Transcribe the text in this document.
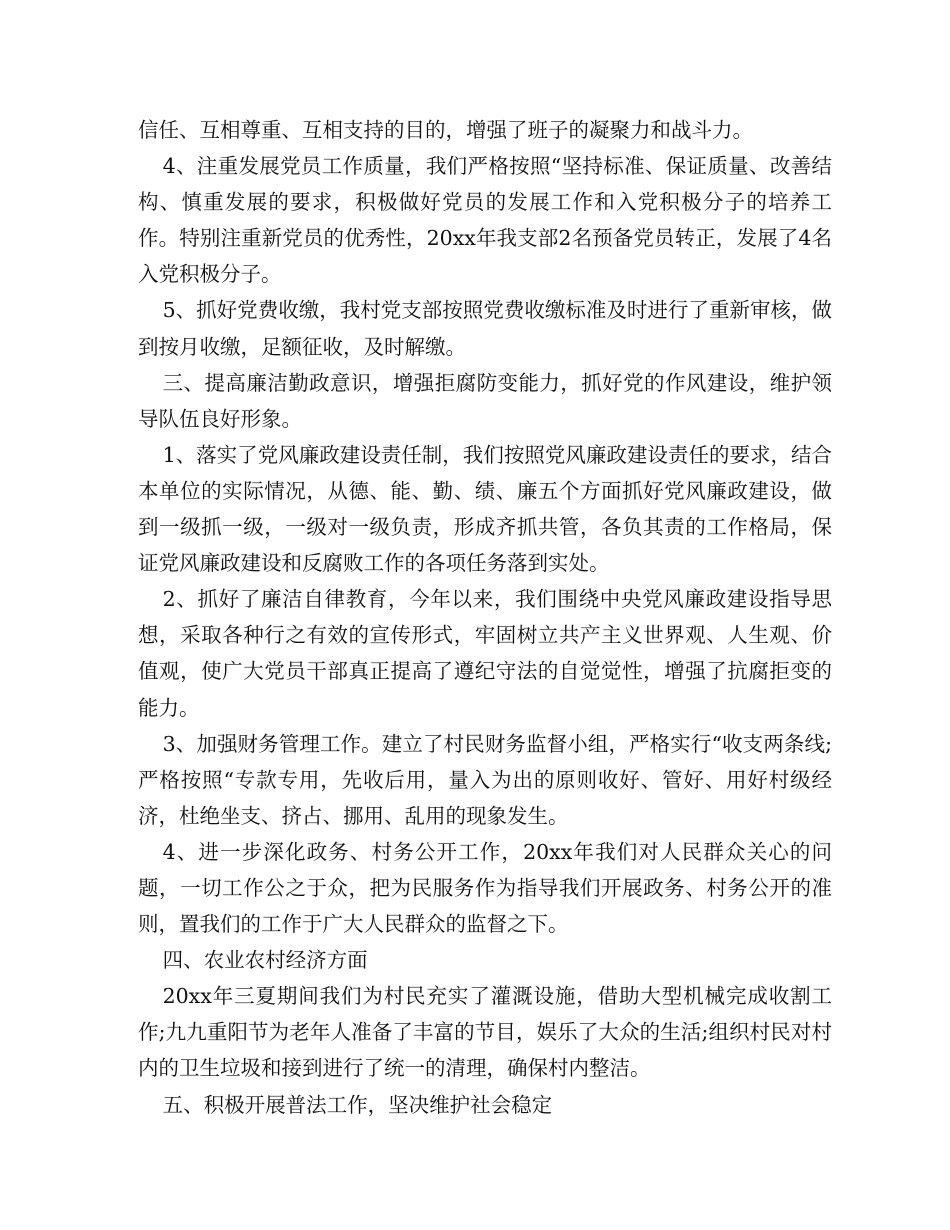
信任、互相尊重、互相支持的目的，增强了班子的凝聚力和战斗力。

4、注重发展党员工作质量，我们严格按照“坚持标准、保证质量、改善结构、慎重发展的要求，积极做好党员的发展工作和入党积极分子的培养工作。特别注重新党员的优秀性，20xx年我支部2名预备党员转正，发展了4名入党积极分子。

5、抓好党费收缴，我村党支部按照党费收缴标准及时进行了重新审核，做到按月收缴，足额征收，及时解缴。

三、提高廉洁勤政意识，增强拒腐防变能力，抓好党的作风建设，维护领导队伍良好形象。

1、落实了党风廉政建设责任制，我们按照党风廉政建设责任的要求，结合本单位的实际情况，从德、能、勤、绩、廉五个方面抓好党风廉政建设，做到一级抓一级，一级对一级负责，形成齐抓共管，各负其责的工作格局，保证党风廉政建设和反腐败工作的各项任务落到实处。

2、抓好了廉洁自律教育，今年以来，我们围绕中央党风廉政建设指导思想，采取各种行之有效的宣传形式，牢固树立共产主义世界观、人生观、价值观，使广大党员干部真正提高了遵纪守法的自觉觉性，增强了抗腐拒变的能力。

3、加强财务管理工作。建立了村民财务监督小组，严格实行“收支两条线;严格按照“专款专用，先收后用，量入为出的原则收好、管好、用好村级经济，杜绝坐支、挤占、挪用、乱用的现象发生。

4、进一步深化政务、村务公开工作，20xx年我们对人民群众关心的问题，一切工作公之于众，把为民服务作为指导我们开展政务、村务公开的准则，置我们的工作于广大人民群众的监督之下。

四、农业农村经济方面

20xx年三夏期间我们为村民充实了灌溉设施，借助大型机械完成收割工作;九九重阳节为老年人准备了丰富的节目，娱乐了大众的生活;组织村民对村内的卫生垃圾和接到进行了统一的清理，确保村内整洁。

五、积极开展普法工作，坚决维护社会稳定
